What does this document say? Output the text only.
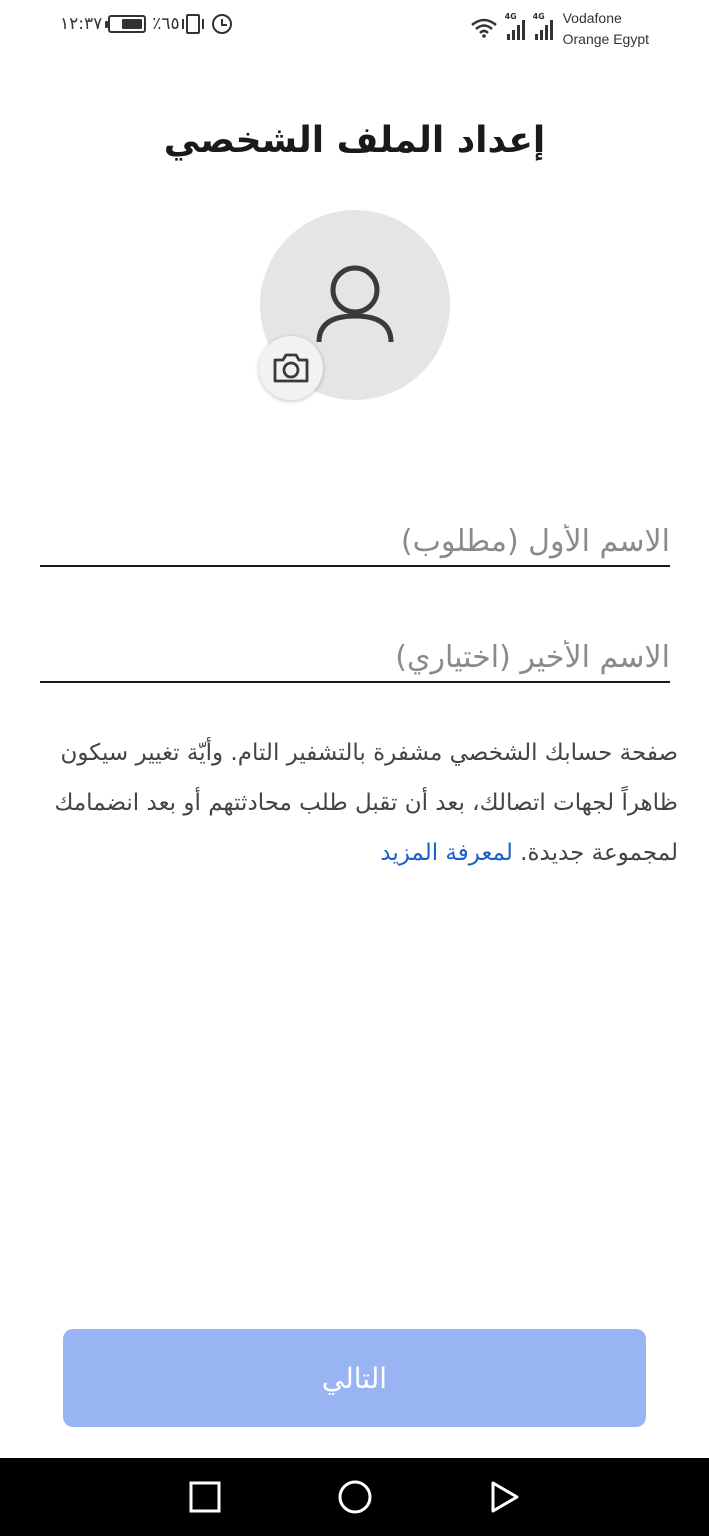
١٢:٣٧	٪٦٥	4G 4G Vodafone
Orange Egypt
إعداد الملف الشخصي
الاسم الأول (مطلوب)
الاسم الأخير (اختياري)

صفحة حسابك الشخصي مشفرة بالتشفير التام. وأيّة تغيير سيكون ظاهراً لجهات اتصالك، بعد أن تقبل طلب محادثتهم أو بعد انضمامك لمجموعة جديدة. لمعرفة المزيد

التالي
